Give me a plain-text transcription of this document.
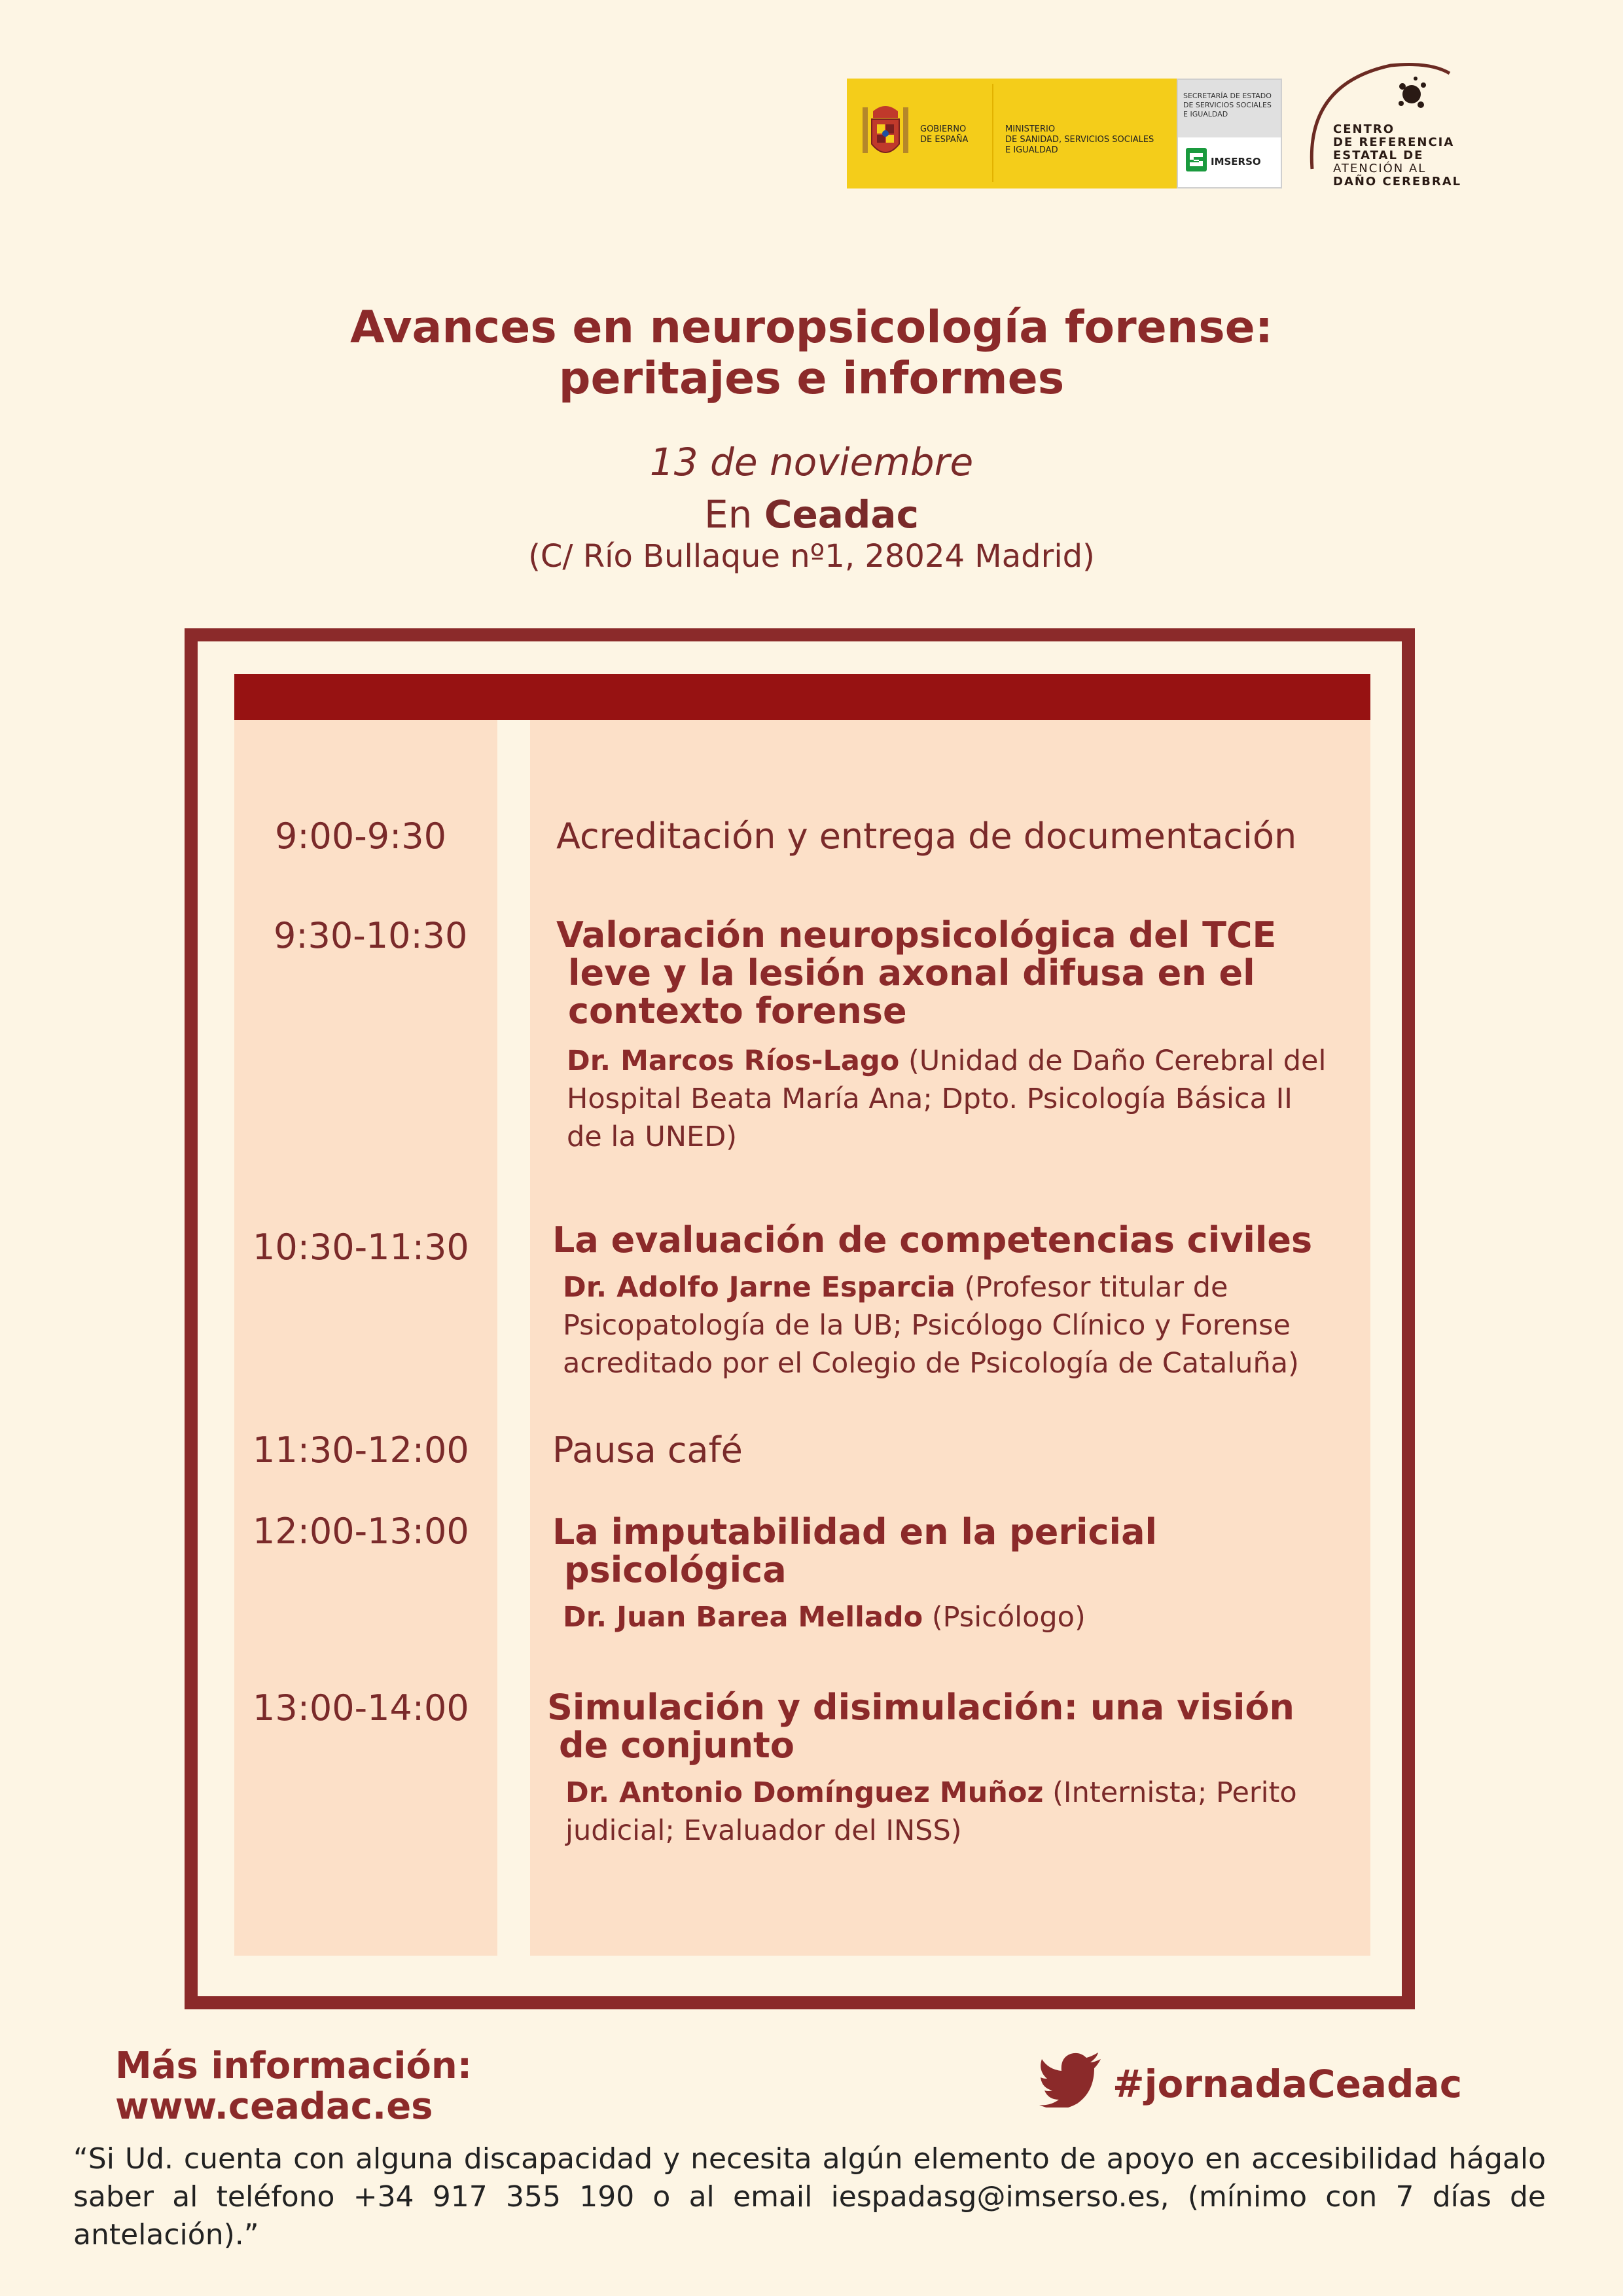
GOBIERNO
DE ESPAÑA
MINISTERIO
DE SANIDAD, SERVICIOS SOCIALES
E IGUALDAD
SECRETARÍA DE ESTADO
DE SERVICIOS SOCIALES
E IGUALDAD
IMSERSO
CENTRO
DE REFERENCIA
ESTATAL DE
ATENCIÓN AL
DAÑO CEREBRAL
Avances en neuropsicología forense:
peritajes e informes
13 de noviembre
En Ceadac
(C/ Río Bullaque nº1, 28024 Madrid)
9:00-9:30	Acreditación y entrega de documentación
9:30-10:30	Valoración neuropsicológica del TCE
leve y la lesión axonal difusa en el
contexto forense
Dr. Marcos Ríos-Lago (Unidad de Daño Cerebral del
Hospital Beata María Ana; Dpto. Psicología Básica II
de la UNED)
10:30-11:30 La evaluación de competencias civiles
Dr. Adolfo Jarne Esparcia (Profesor titular de
Psicopatología de la UB; Psicólogo Clínico y Forense
acreditado por el Colegio de Psicología de Cataluña)
11:30-12:00 Pausa café
12:00-13:00 La imputabilidad en la pericial
psicológica
Dr. Juan Barea Mellado (Psicólogo)
13:00-14:00 Simulación y disimulación: una visión
de conjunto
Dr. Antonio Domínguez Muñoz (Internista; Perito
judicial; Evaluador del INSS)
Más información:
www.ceadac.es
#jornadaCeadac
“Si Ud. cuenta con alguna discapacidad y necesita algún elemento de apoyo en accesibilidad hágalo saber al teléfono +34 917 355 190 o al email iespadasg@imserso.es, (mínimo con 7 días de antelación).”
